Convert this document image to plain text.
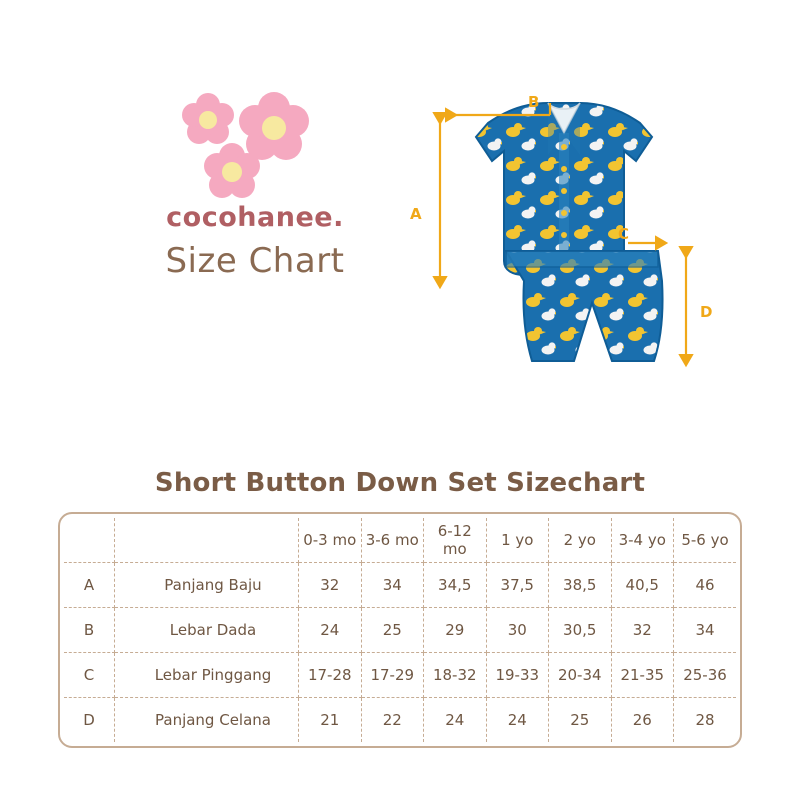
cocohanee.
Size Chart
A
B
C
D
Short Button Down Set Sizechart
		0-3 mo	3-6 mo	6-12 mo	1 yo	2 yo	3-4 yo	5-6 yo
A	Panjang Baju	32	34	34,5	37,5	38,5	40,5	46
B	Lebar Dada	24	25	29	30	30,5	32	34
C	Lebar Pinggang	17-28	17-29	18-32	19-33	20-34	21-35	25-36
D	Panjang Celana	21	22	24	24	25	26	28
